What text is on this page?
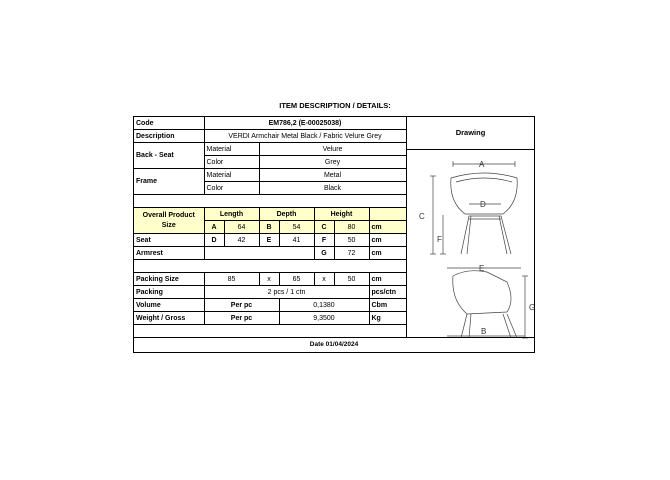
ITEM DESCRIPTION / DETAILS:
Code	EM786,2 (E-00025038)						
Description	VERDI Armchair Metal Black / Fabric Velure Grey						
Back - Seat	Material		Velure				
	Color		Grey				
Frame	Material		Metal				
	Color		Black				

Overall Product Size	Length		Depth		Height		
	A	64	B	54	C	80	cm
Seat	D	42	E	41	F	50	cm
Armrest					G	72	cm

Packing Size	85		x	65	x	50	cm
Packing	2 pcs / 1 ctn						pcs/ctn
Volume	Per pc			0,1380			Cbm
Weight / Gross	Per pc			9,3500			Kg
Drawing
A
D
C
F
E
G
B
Date 01/04/2024
